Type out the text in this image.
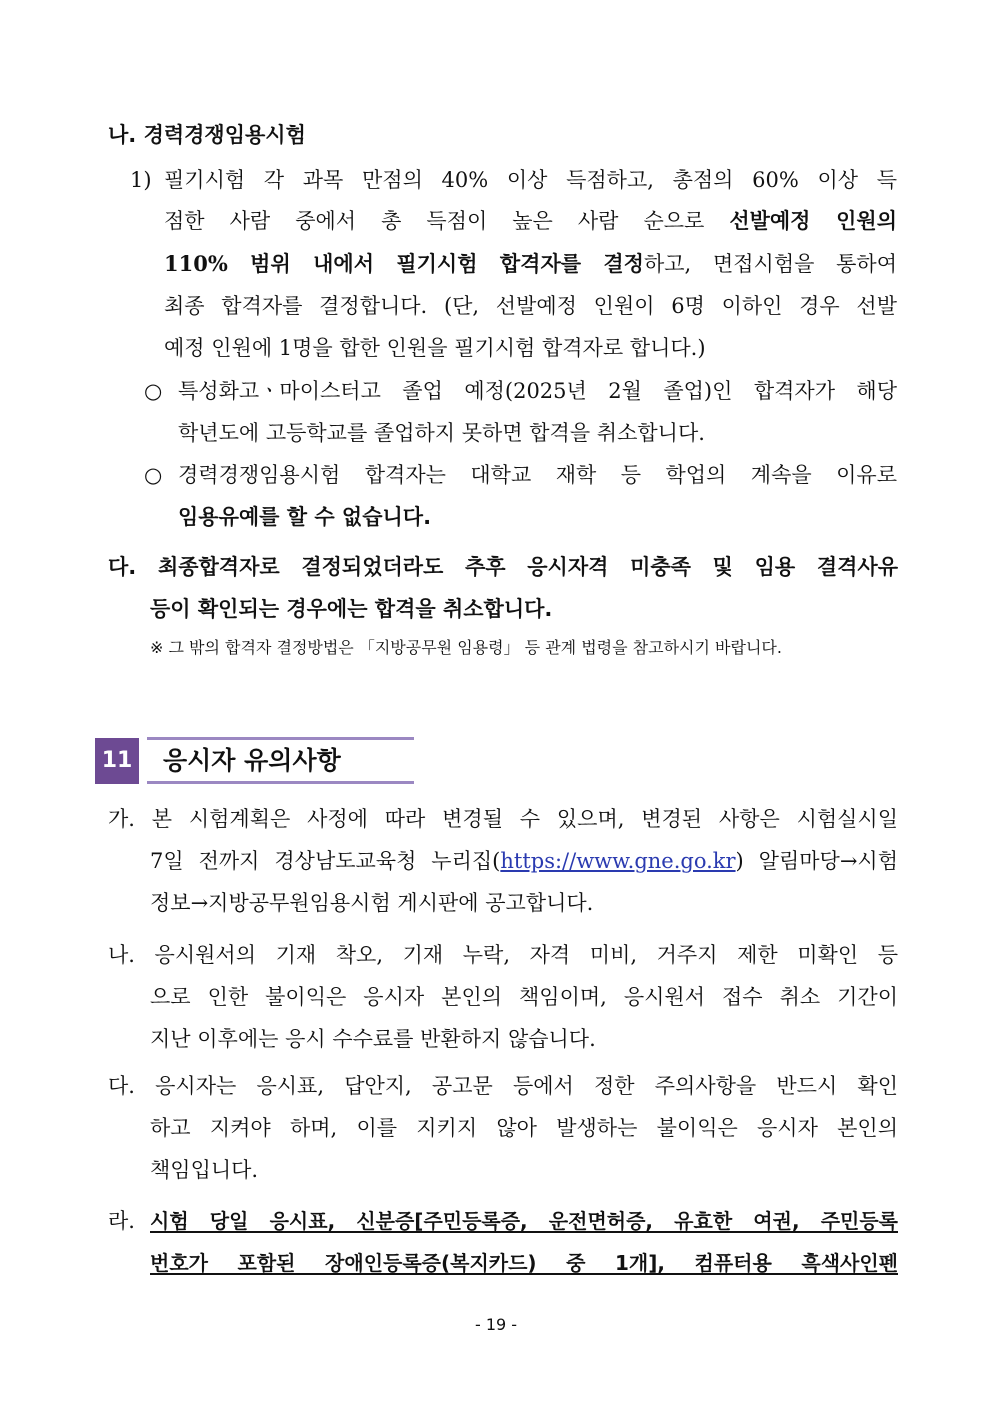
나. 경력경쟁임용시험
1) 필기시험 각 과목 만점의 40% 이상 득점하고, 총점의 60% 이상 득
점한 사람 중에서 총 득점이 높은 사람 순으로 선발예정 인원의
110% 범위 내에서 필기시험 합격자를 결정하고, 면접시험을 통하여
최종 합격자를 결정합니다. (단, 선발예정 인원이 6명 이하인 경우 선발
예정 인원에 1명을 합한 인원을 필기시험 합격자로 합니다.)
○ 특성화고ㆍ마이스터고 졸업 예정(2025년 2월 졸업)인 합격자가 해당
학년도에 고등학교를 졸업하지 못하면 합격을 취소합니다.
○ 경력경쟁임용시험 합격자는 대학교 재학 등 학업의 계속을 이유로
임용유예를 할 수 없습니다.
다. 최종합격자로 결정되었더라도 추후 응시자격 미충족 및 임용 결격사유
등이 확인되는 경우에는 합격을 취소합니다.
※ 그 밖의 합격자 결정방법은 「지방공무원 임용령」 등 관계 법령을 참고하시기 바랍니다.
11 응시자 유의사항
가. 본 시험계획은 사정에 따라 변경될 수 있으며, 변경된 사항은 시험실시일
7일 전까지 경상남도교육청 누리집(https://www.gne.go.kr) 알림마당→시험
정보→지방공무원임용시험 게시판에 공고합니다.
나. 응시원서의 기재 착오, 기재 누락, 자격 미비, 거주지 제한 미확인 등
으로 인한 불이익은 응시자 본인의 책임이며, 응시원서 접수 취소 기간이
지난 이후에는 응시 수수료를 반환하지 않습니다.
다. 응시자는 응시표, 답안지, 공고문 등에서 정한 주의사항을 반드시 확인
하고 지켜야 하며, 이를 지키지 않아 발생하는 불이익은 응시자 본인의
책임입니다.
라. 시험 당일 응시표, 신분증[주민등록증, 운전면허증, 유효한 여권, 주민등록
번호가 포함된 장애인등록증(복지카드) 중 1개], 컴퓨터용 흑색사인펜
- 19 -
